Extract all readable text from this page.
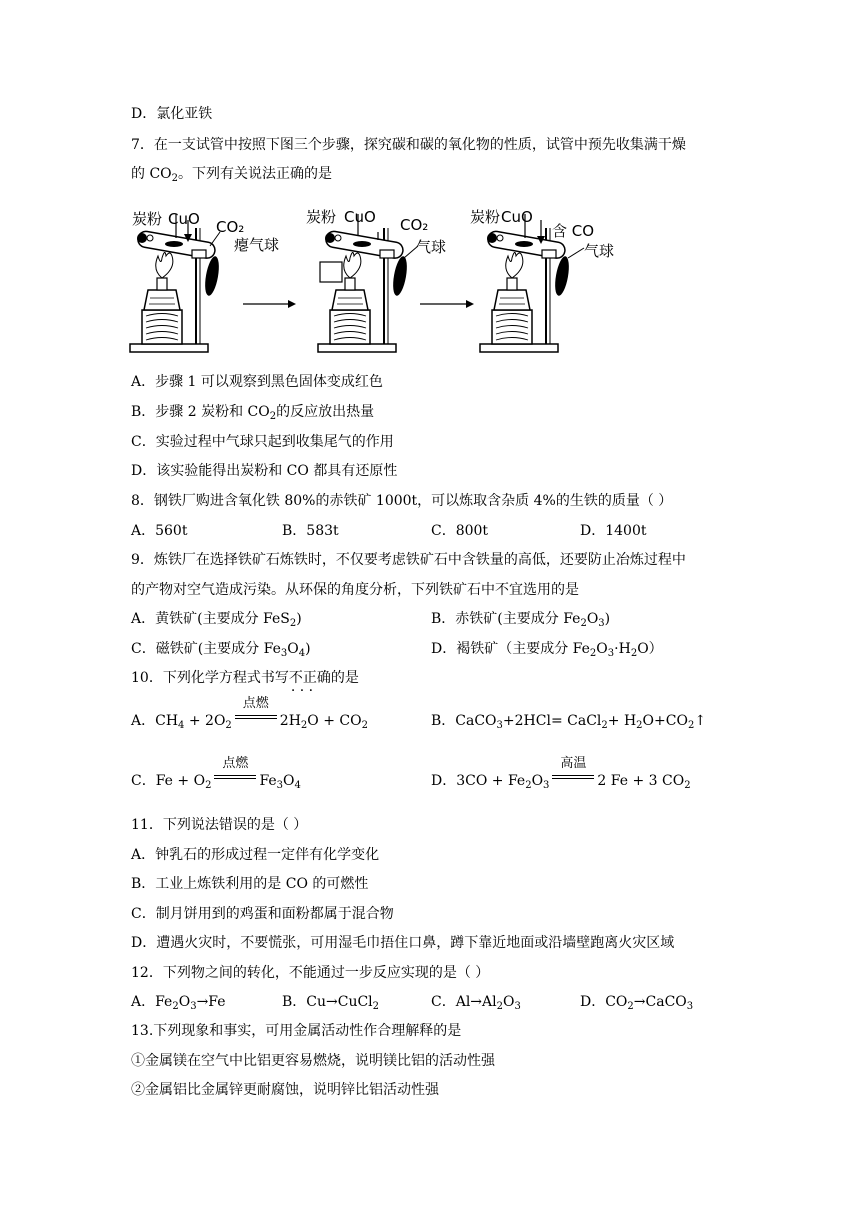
D．氯化亚铁
7．在一支试管中按照下图三个步骤，探究碳和碳的氧化物的性质，试管中预先收集满干燥
的 $CO_2$。下列有关说法正确的是
炭粉 CuO CO₂
瘪气球
炭粉 CuO CO₂
气球
炭粉 CuO
含 CO
气球
A．步骤 1 可以观察到黑色固体变成红色
B．步骤 2 炭粉和 $CO_2$的反应放出热量
C．实验过程中气球只起到收集尾气的作用
D．该实验能得出炭粉和 CO 都具有还原性
8．钢铁厂购进含氧化铁 80%的赤铁矿 1000t，可以炼取含杂质 4%的生铁的质量（ ）
A．560t	B．583t	C．800t	D．1400t
9．炼铁厂在选择铁矿石炼铁时，不仅要考虑铁矿石中含铁量的高低，还要防止冶炼过程中
的产物对空气造成污染。从环保的角度分析，下列铁矿石中不宜选用的是
A．黄铁矿(主要成分 FeS$_2$)	B．赤铁矿(主要成分 $Fe_2O_3$)
C．磁铁矿(主要成分 $Fe_3O_4$)	D．褐铁矿（主要成分 $Fe_2O_3\cdot H_2O$）
10．下列化学方程式书写不正确 · · ·的是
A．$CH_4 + 2O_2$
点燃
$2H_2O + CO_2$	B．CaCO$_3$+2HCl= CaCl$_2$+ $H_2O+CO_2↑$
C．$Fe + O_2$
点燃
$Fe_3O_4$	D．$3CO + Fe_2O_3$
高温
2 Fe + 3 $CO_2$
11．下列说法错误的是（ ）
A．钟乳石的形成过程一定伴有化学变化
B．工业上炼铁利用的是 CO 的可燃性
C．制月饼用到的鸡蛋和面粉都属于混合物
D．遭遇火灾时，不要慌张，可用湿毛巾捂住口鼻，蹲下靠近地面或沿墙壁跑离火灾区域
12．下列物之间的转化，不能通过一步反应实现的是（ ）
A．$Fe_2O_3\to Fe$	B．Cu→CuCl$_2$	C．$Al\to Al_2O_3$	D．$CO_2\to CaCO_3$
13.下列现象和事实，可用金属活动性作合理解释的是
①金属镁在空气中比铝更容易燃烧，说明镁比铝的活动性强
②金属铝比金属锌更耐腐蚀，说明锌比铝活动性强
